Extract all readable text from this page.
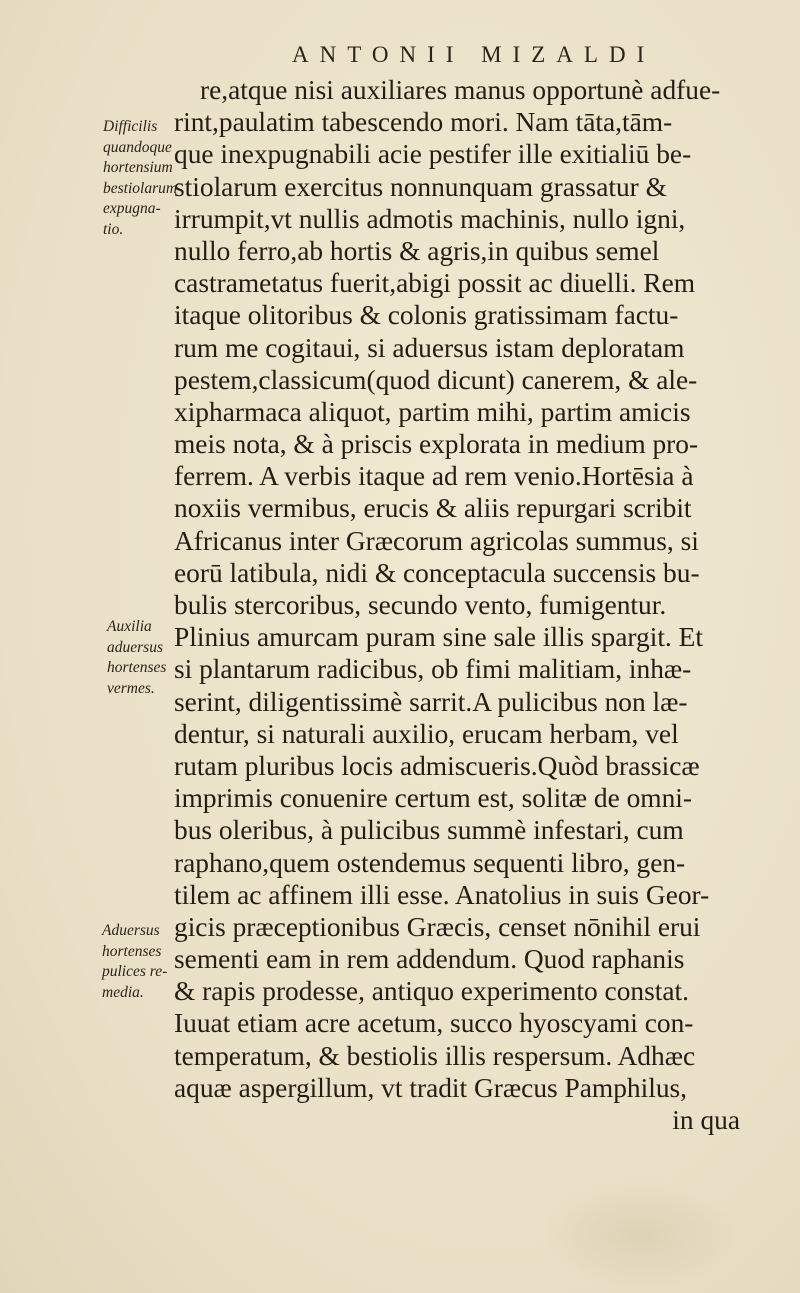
ANTONII MIZALDI
Difficilis
quandoque
hortensium
bestiolarum
expugna-
tio.
Auxilia
aduersus
hortenses
vermes.
Aduersus
hortenses
pulices re-
media.
re,atque nisi auxiliares manus opportunè adfue-
rint,paulatim tabescendo mori. Nam tāta,tām-
que inexpugnabili acie pestifer ille exitialiū be-
stiolarum exercitus nonnunquam grassatur &
irrumpit,vt nullis admotis machinis, nullo igni,
nullo ferro,ab hortis & agris,in quibus semel
castrametatus fuerit,abigi possit ac diuelli. Rem
itaque olitoribus & colonis gratissimam factu-
rum me cogitaui, si aduersus istam deploratam
pestem,classicum(quod dicunt) canerem, & ale-
xipharmaca aliquot, partim mihi, partim amicis
meis nota, & à priscis explorata in medium pro-
ferrem. A verbis itaque ad rem venio.Hortēsia à
noxiis vermibus, erucis & aliis repurgari scribit
Africanus inter Græcorum agricolas summus, si
eorū latibula, nidi & conceptacula succensis bu-
bulis stercoribus, secundo vento, fumigentur.
Plinius amurcam puram sine sale illis spargit. Et
si plantarum radicibus, ob fimi malitiam, inhæ-
serint, diligentissimè sarrit.A pulicibus non læ-
dentur, si naturali auxilio, erucam herbam, vel
rutam pluribus locis admiscueris.Quòd brassicæ
imprimis conuenire certum est, solitæ de omni-
bus oleribus, à pulicibus summè infestari, cum
raphano,quem ostendemus sequenti libro, gen-
tilem ac affinem illi esse. Anatolius in suis Geor-
gicis præceptionibus Græcis, censet nōnihil erui
sementi eam in rem addendum. Quod raphanis
& rapis prodesse, antiquo experimento constat.
Iuuat etiam acre acetum, succo hyoscyami con-
temperatum, & bestiolis illis respersum. Adhæc
aquæ aspergillum, vt tradit Græcus Pamphilus,
in qua
